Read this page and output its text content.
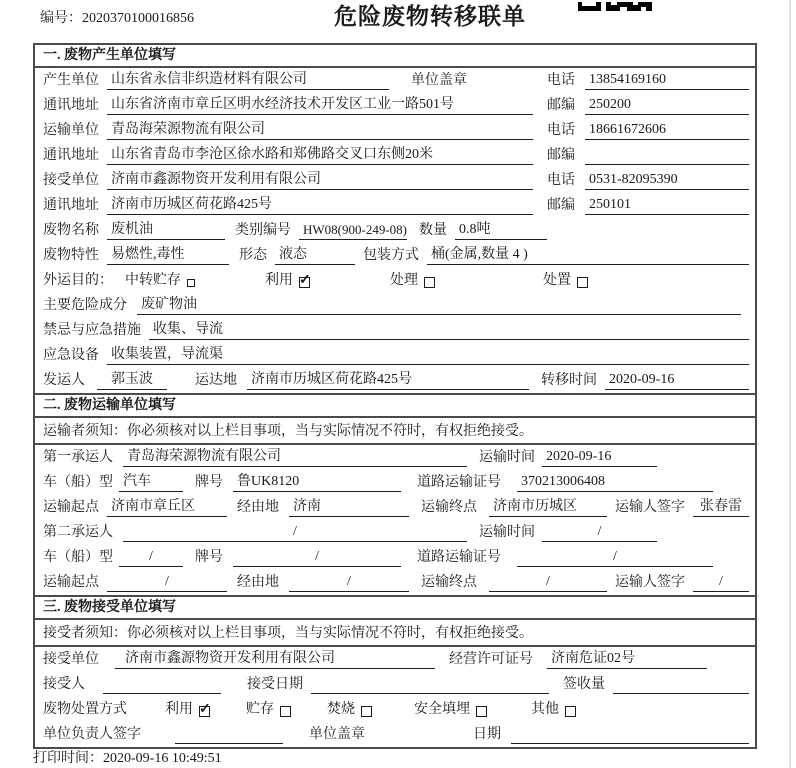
编号：2020370100016856	危险废物转移联单
一. 废物产生单位填写
产生单位 山东省永信非织造材料有限公司	单位盖章	电话 13854169160
通讯地址 山东省济南市章丘区明水经济技术开发区工业一路501号	邮编 250200
运输单位 青岛海荣源物流有限公司	电话 18661672606
通讯地址 山东省青岛市李沧区徐水路和郑佛路交叉口东侧20米	邮编
接受单位 济南市鑫源物资开发利用有限公司	电话 0531-82095390
通讯地址 济南市历城区荷花路425号	邮编 250101
废物名称 废机油	类别编号 HW08(900-249-08) 数量 0.8吨
废物特性 易燃性,毒性	形态 液态	包装方式 桶(金属,数量 4 )
外运目的： 中转贮存	利用 ✓	处理	处置
主要危险成分 废矿物油
禁忌与应急措施 收集、导流
应急设备 收集装置，导流渠
发运人	郭玉波	运达地 济南市历城区荷花路425号	转移时间 2020-09-16
二. 废物运输单位填写
运输者须知：你必须核对以上栏目事项，当与实际情况不符时，有权拒绝接受。
第一承运人 青岛海荣源物流有限公司	运输时间 2020-09-16
车（船）型 汽车	牌号 鲁UK8120	道路运输证号 370213006408
运输起点 济南市章丘区	经由地 济南	运输终点 济南市历城区	运输人签字	张春雷
第二承运人	/	运输时间	/
车（船）型	/	牌号	/	道路运输证号	/
运输起点	/	经由地	/	运输终点	/	运输人签字	/
三. 废物接受单位填写
接受者须知：你必须核对以上栏目事项，当与实际情况不符时，有权拒绝接受。
接受单位	济南市鑫源物资开发利用有限公司	经营许可证号 济南危证02号
接受人	接受日期	签收量
废物处置方式	利用 ✓	贮存	焚烧	安全填埋	其他
单位负责人签字	单位盖章	日期
打印时间：2020-09-16 10:49:51
